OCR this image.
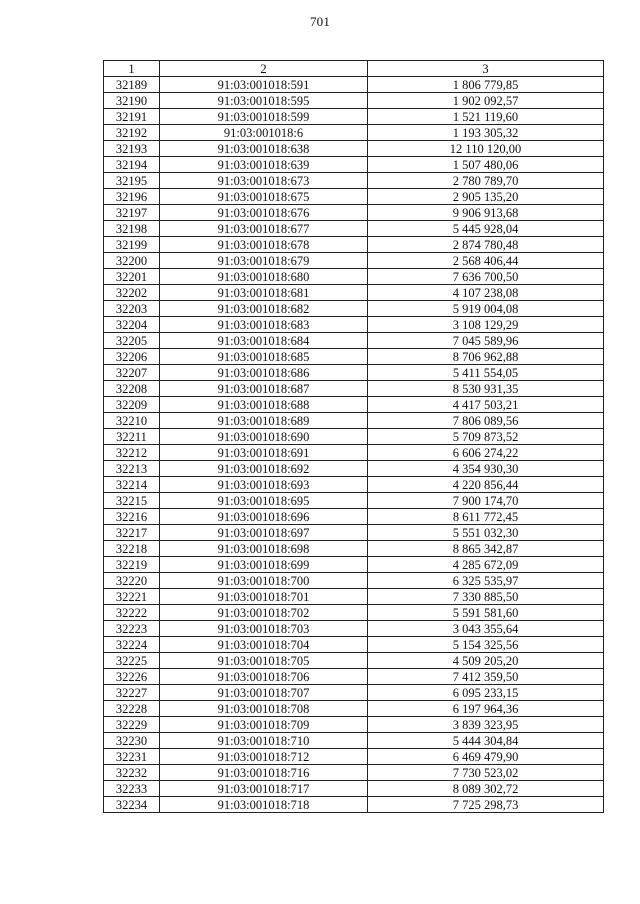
701
1	2	3
32189	91:03:001018:591	1 806 779,85
32190	91:03:001018:595	1 902 092,57
32191	91:03:001018:599	1 521 119,60
32192	91:03:001018:6	1 193 305,32
32193	91:03:001018:638	12 110 120,00
32194	91:03:001018:639	1 507 480,06
32195	91:03:001018:673	2 780 789,70
32196	91:03:001018:675	2 905 135,20
32197	91:03:001018:676	9 906 913,68
32198	91:03:001018:677	5 445 928,04
32199	91:03:001018:678	2 874 780,48
32200	91:03:001018:679	2 568 406,44
32201	91:03:001018:680	7 636 700,50
32202	91:03:001018:681	4 107 238,08
32203	91:03:001018:682	5 919 004,08
32204	91:03:001018:683	3 108 129,29
32205	91:03:001018:684	7 045 589,96
32206	91:03:001018:685	8 706 962,88
32207	91:03:001018:686	5 411 554,05
32208	91:03:001018:687	8 530 931,35
32209	91:03:001018:688	4 417 503,21
32210	91:03:001018:689	7 806 089,56
32211	91:03:001018:690	5 709 873,52
32212	91:03:001018:691	6 606 274,22
32213	91:03:001018:692	4 354 930,30
32214	91:03:001018:693	4 220 856,44
32215	91:03:001018:695	7 900 174,70
32216	91:03:001018:696	8 611 772,45
32217	91:03:001018:697	5 551 032,30
32218	91:03:001018:698	8 865 342,87
32219	91:03:001018:699	4 285 672,09
32220	91:03:001018:700	6 325 535,97
32221	91:03:001018:701	7 330 885,50
32222	91:03:001018:702	5 591 581,60
32223	91:03:001018:703	3 043 355,64
32224	91:03:001018:704	5 154 325,56
32225	91:03:001018:705	4 509 205,20
32226	91:03:001018:706	7 412 359,50
32227	91:03:001018:707	6 095 233,15
32228	91:03:001018:708	6 197 964,36
32229	91:03:001018:709	3 839 323,95
32230	91:03:001018:710	5 444 304,84
32231	91:03:001018:712	6 469 479,90
32232	91:03:001018:716	7 730 523,02
32233	91:03:001018:717	8 089 302,72
32234	91:03:001018:718	7 725 298,73
